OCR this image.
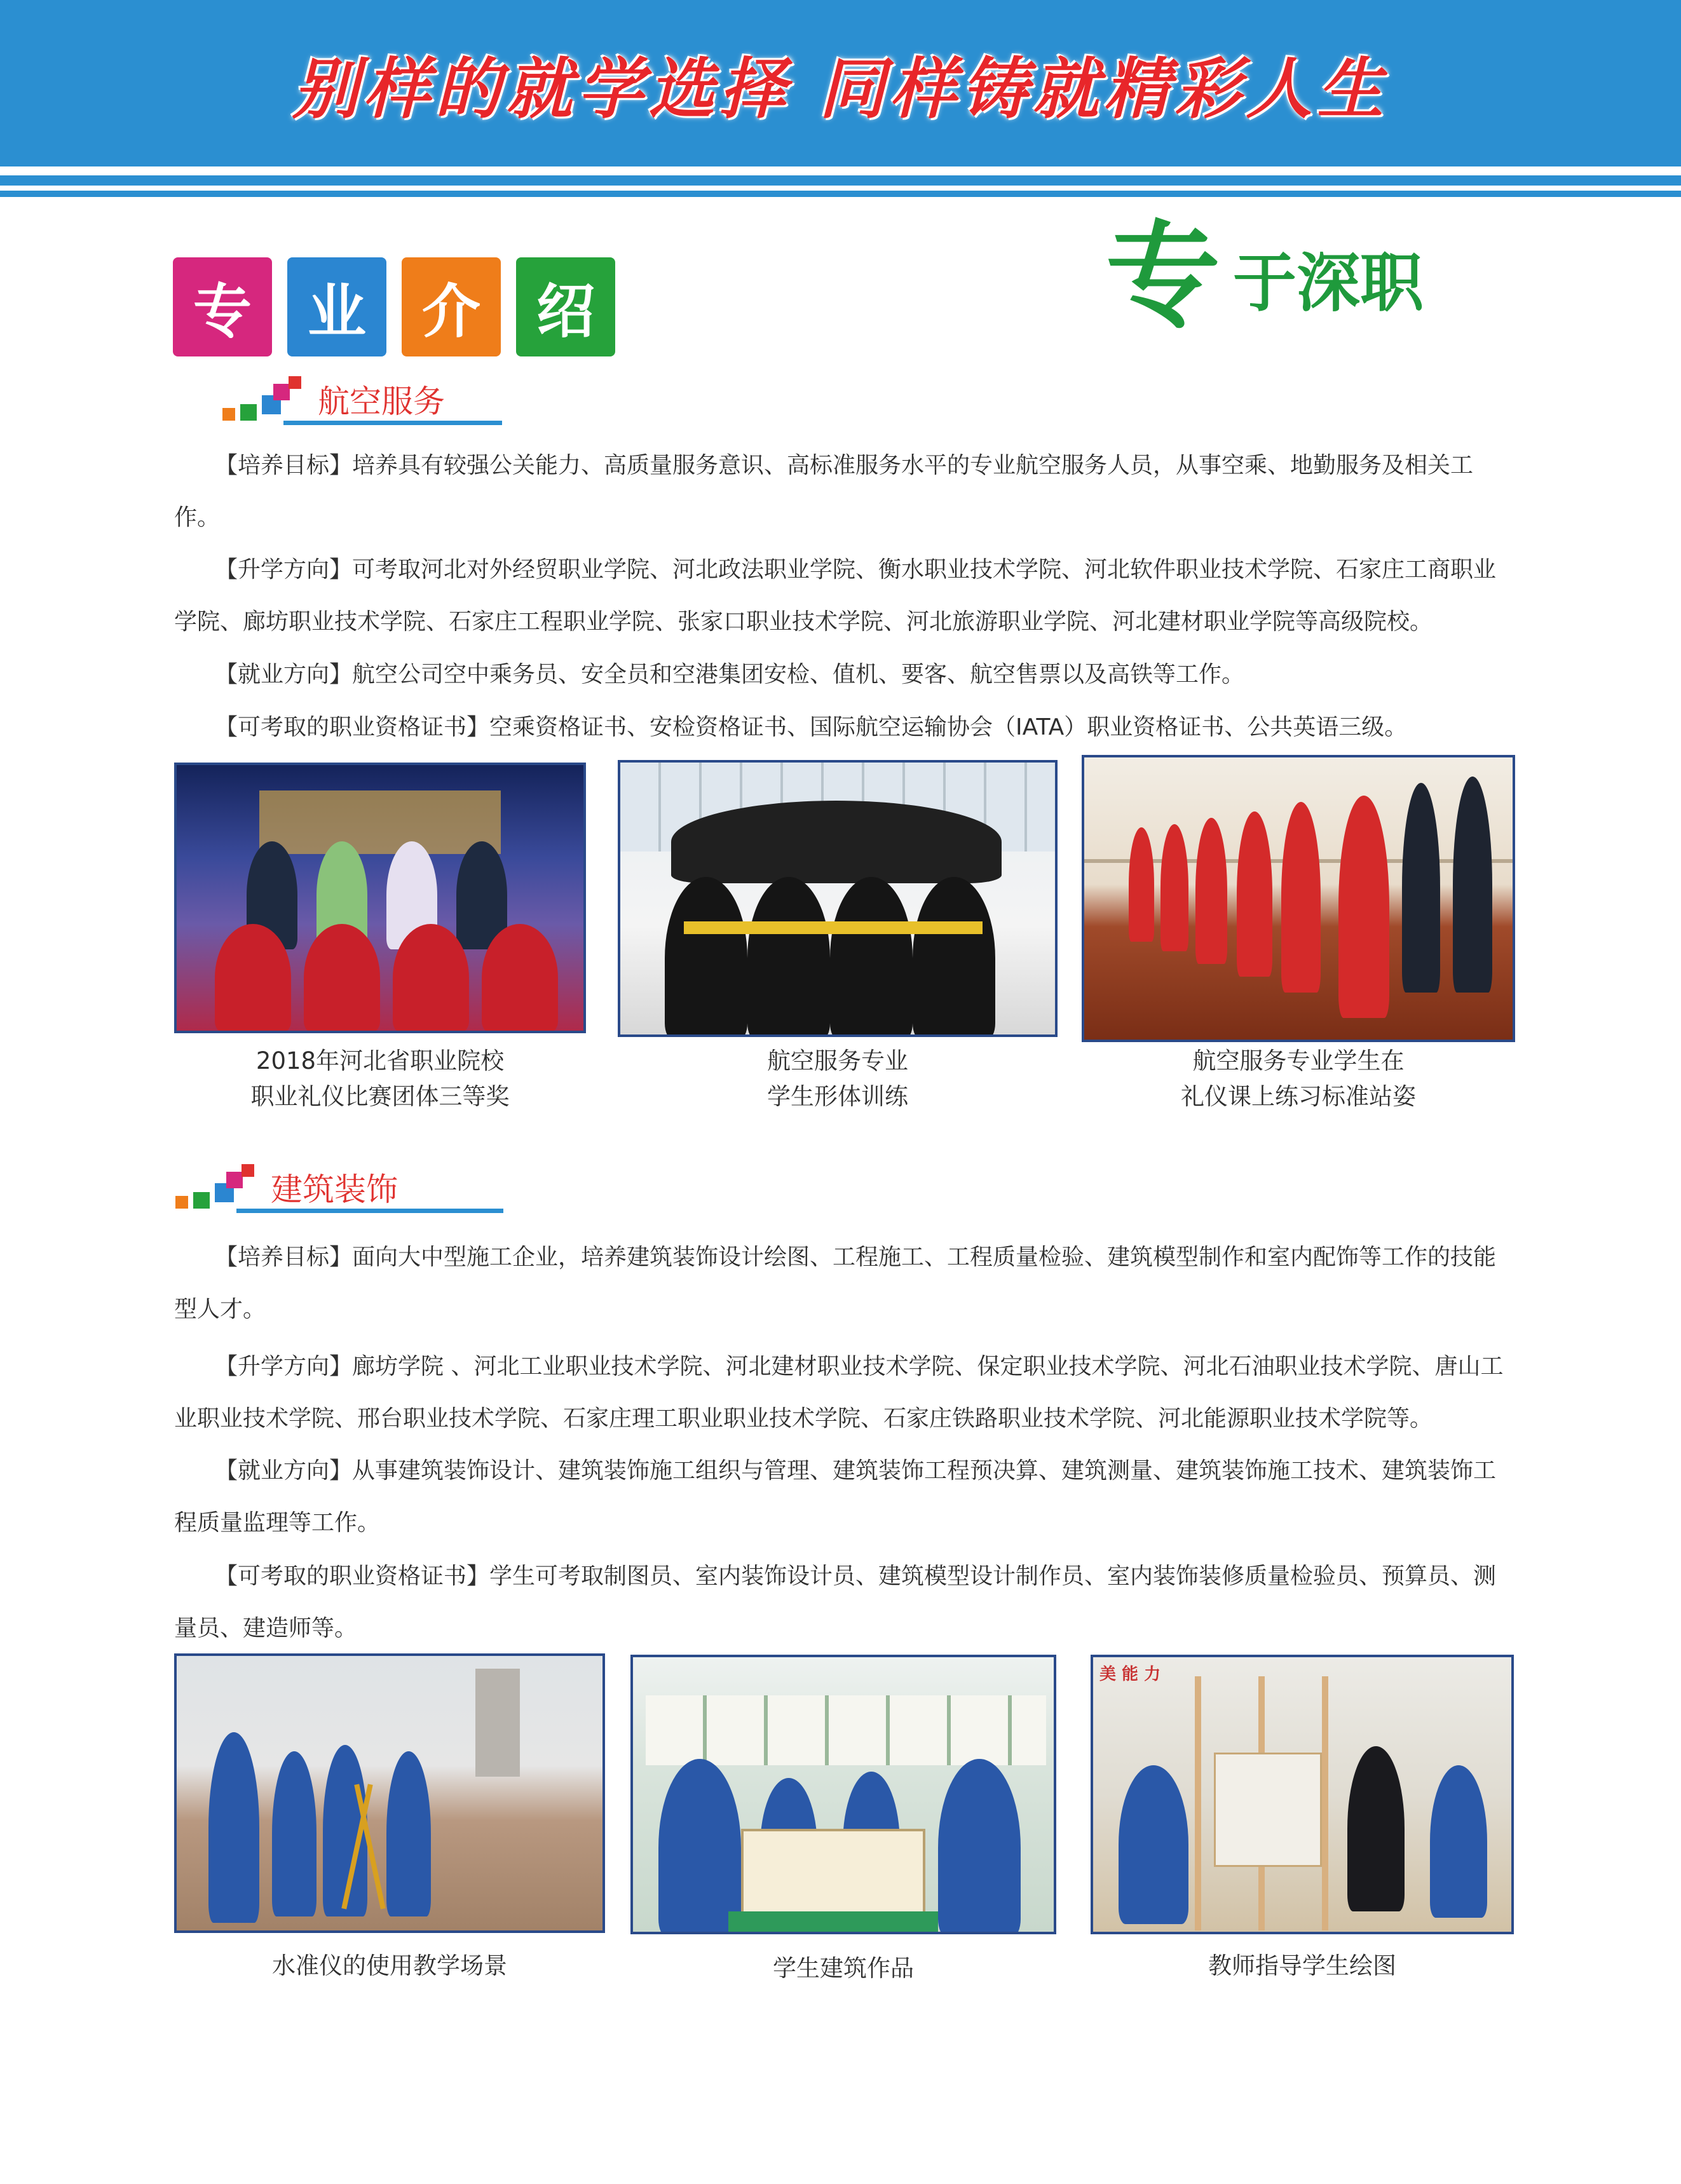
别样的就学选择 同样铸就精彩人生
专 业 介 绍	专 于深职
航空服务

【培养目标】培养具有较强公关能力、高质量服务意识、高标准服务水平的专业航空服务人员，从事空乘、地勤服务及相关工作。

【升学方向】可考取河北对外经贸职业学院、河北政法职业学院、衡水职业技术学院、河北软件职业技术学院、石家庄工商职业学院、廊坊职业技术学院、石家庄工程职业学院、张家口职业技术学院、河北旅游职业学院、河北建材职业学院等高级院校。

【就业方向】航空公司空中乘务员、安全员和空港集团安检、值机、要客、航空售票以及高铁等工作。

【可考取的职业资格证书】空乘资格证书、安检资格证书、国际航空运输协会（IATA）职业资格证书、公共英语三级。

2018年河北省职业院校
职业礼仪比赛团体三等奖
航空服务专业
学生形体训练
航空服务专业学生在
礼仪课上练习标准站姿
建筑装饰

【培养目标】面向大中型施工企业，培养建筑装饰设计绘图、工程施工、工程质量检验、建筑模型制作和室内配饰等工作的技能型人才。

【升学方向】廊坊学院 、河北工业职业技术学院、河北建材职业技术学院、保定职业技术学院、河北石油职业技术学院、唐山工业职业技术学院、邢台职业技术学院、石家庄理工职业职业技术学院、石家庄铁路职业技术学院、河北能源职业技术学院等。

【就业方向】从事建筑装饰设计、建筑装饰施工组织与管理、建筑装饰工程预决算、建筑测量、建筑装饰施工技术、建筑装饰工程质量监理等工作。

【可考取的职业资格证书】学生可考取制图员、室内装饰设计员、建筑模型设计制作员、室内装饰装修质量检验员、预算员、测量员、建造师等。

水准仪的使用教学场景	学生建筑作品
美 能 力
教师指导学生绘图
